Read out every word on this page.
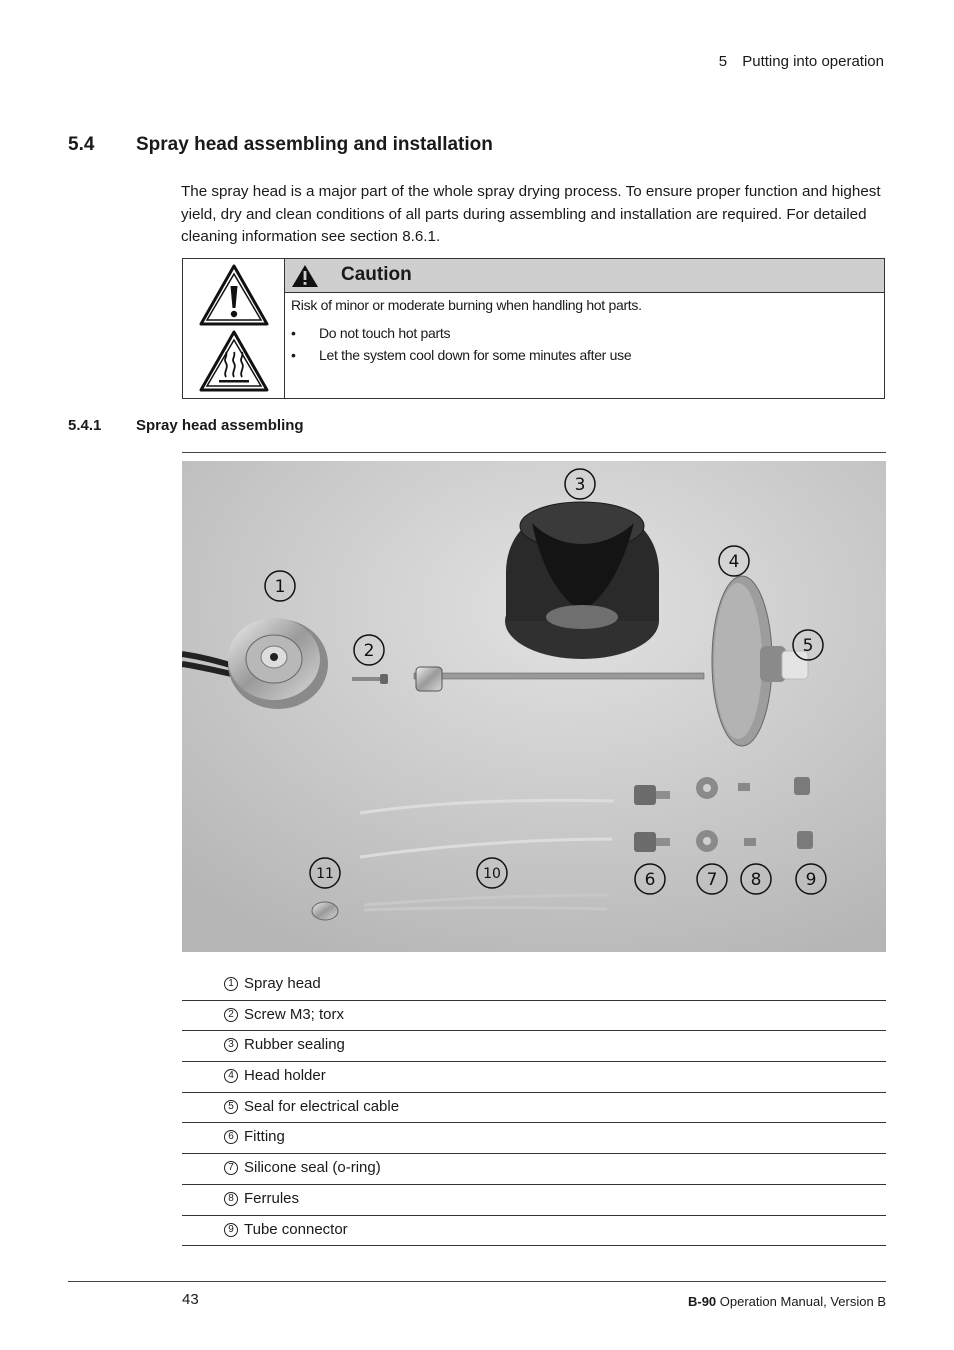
5 Putting into operation
5.4 Spray head assembling and installation

The spray head is a major part of the whole spray drying process. To ensure proper function and highest yield, dry and clean conditions of all parts during assembling and installation are required. For detailed cleaning information see section 8.6.1.

Caution

Risk of minor or moderate burning when handling hot parts.

• Do not touch hot parts
• Let the system cool down for some minutes after use
5.4.1 Spray head assembling
1
2
3
4
5
6	7 8	9
10
11
1 Spray head
2 Screw M3; torx
3 Rubber sealing
4 Head holder
5 Seal for electrical cable
6 Fitting
7 Silicone seal (o-ring)
8 Ferrules
9 Tube connector
43	B-90 Operation Manual, Version B
